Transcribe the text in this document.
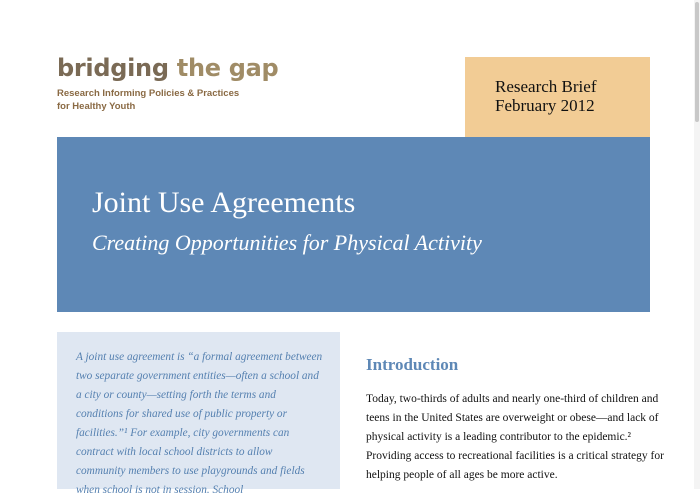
bridging the gap
Research Informing Policies & Practices
for Healthy Youth
Research Brief
February 2012
Joint Use Agreements
Creating Opportunities for Physical Activity

A joint use agreement is “a formal agreement between two separate government entities—often a school and a city or county—setting forth the terms and conditions for shared use of public property or facilities.”¹ For example, city governments can contract with local school districts to allow community members to use playgrounds and fields when school is not in session. School

Introduction

Today, two-thirds of adults and nearly one-third of children and teens in the United States are overweight or obese—and lack of physical activity is a leading contributor to the epidemic.² Providing access to recreational facilities is a critical strategy for helping people of all ages be more active.
